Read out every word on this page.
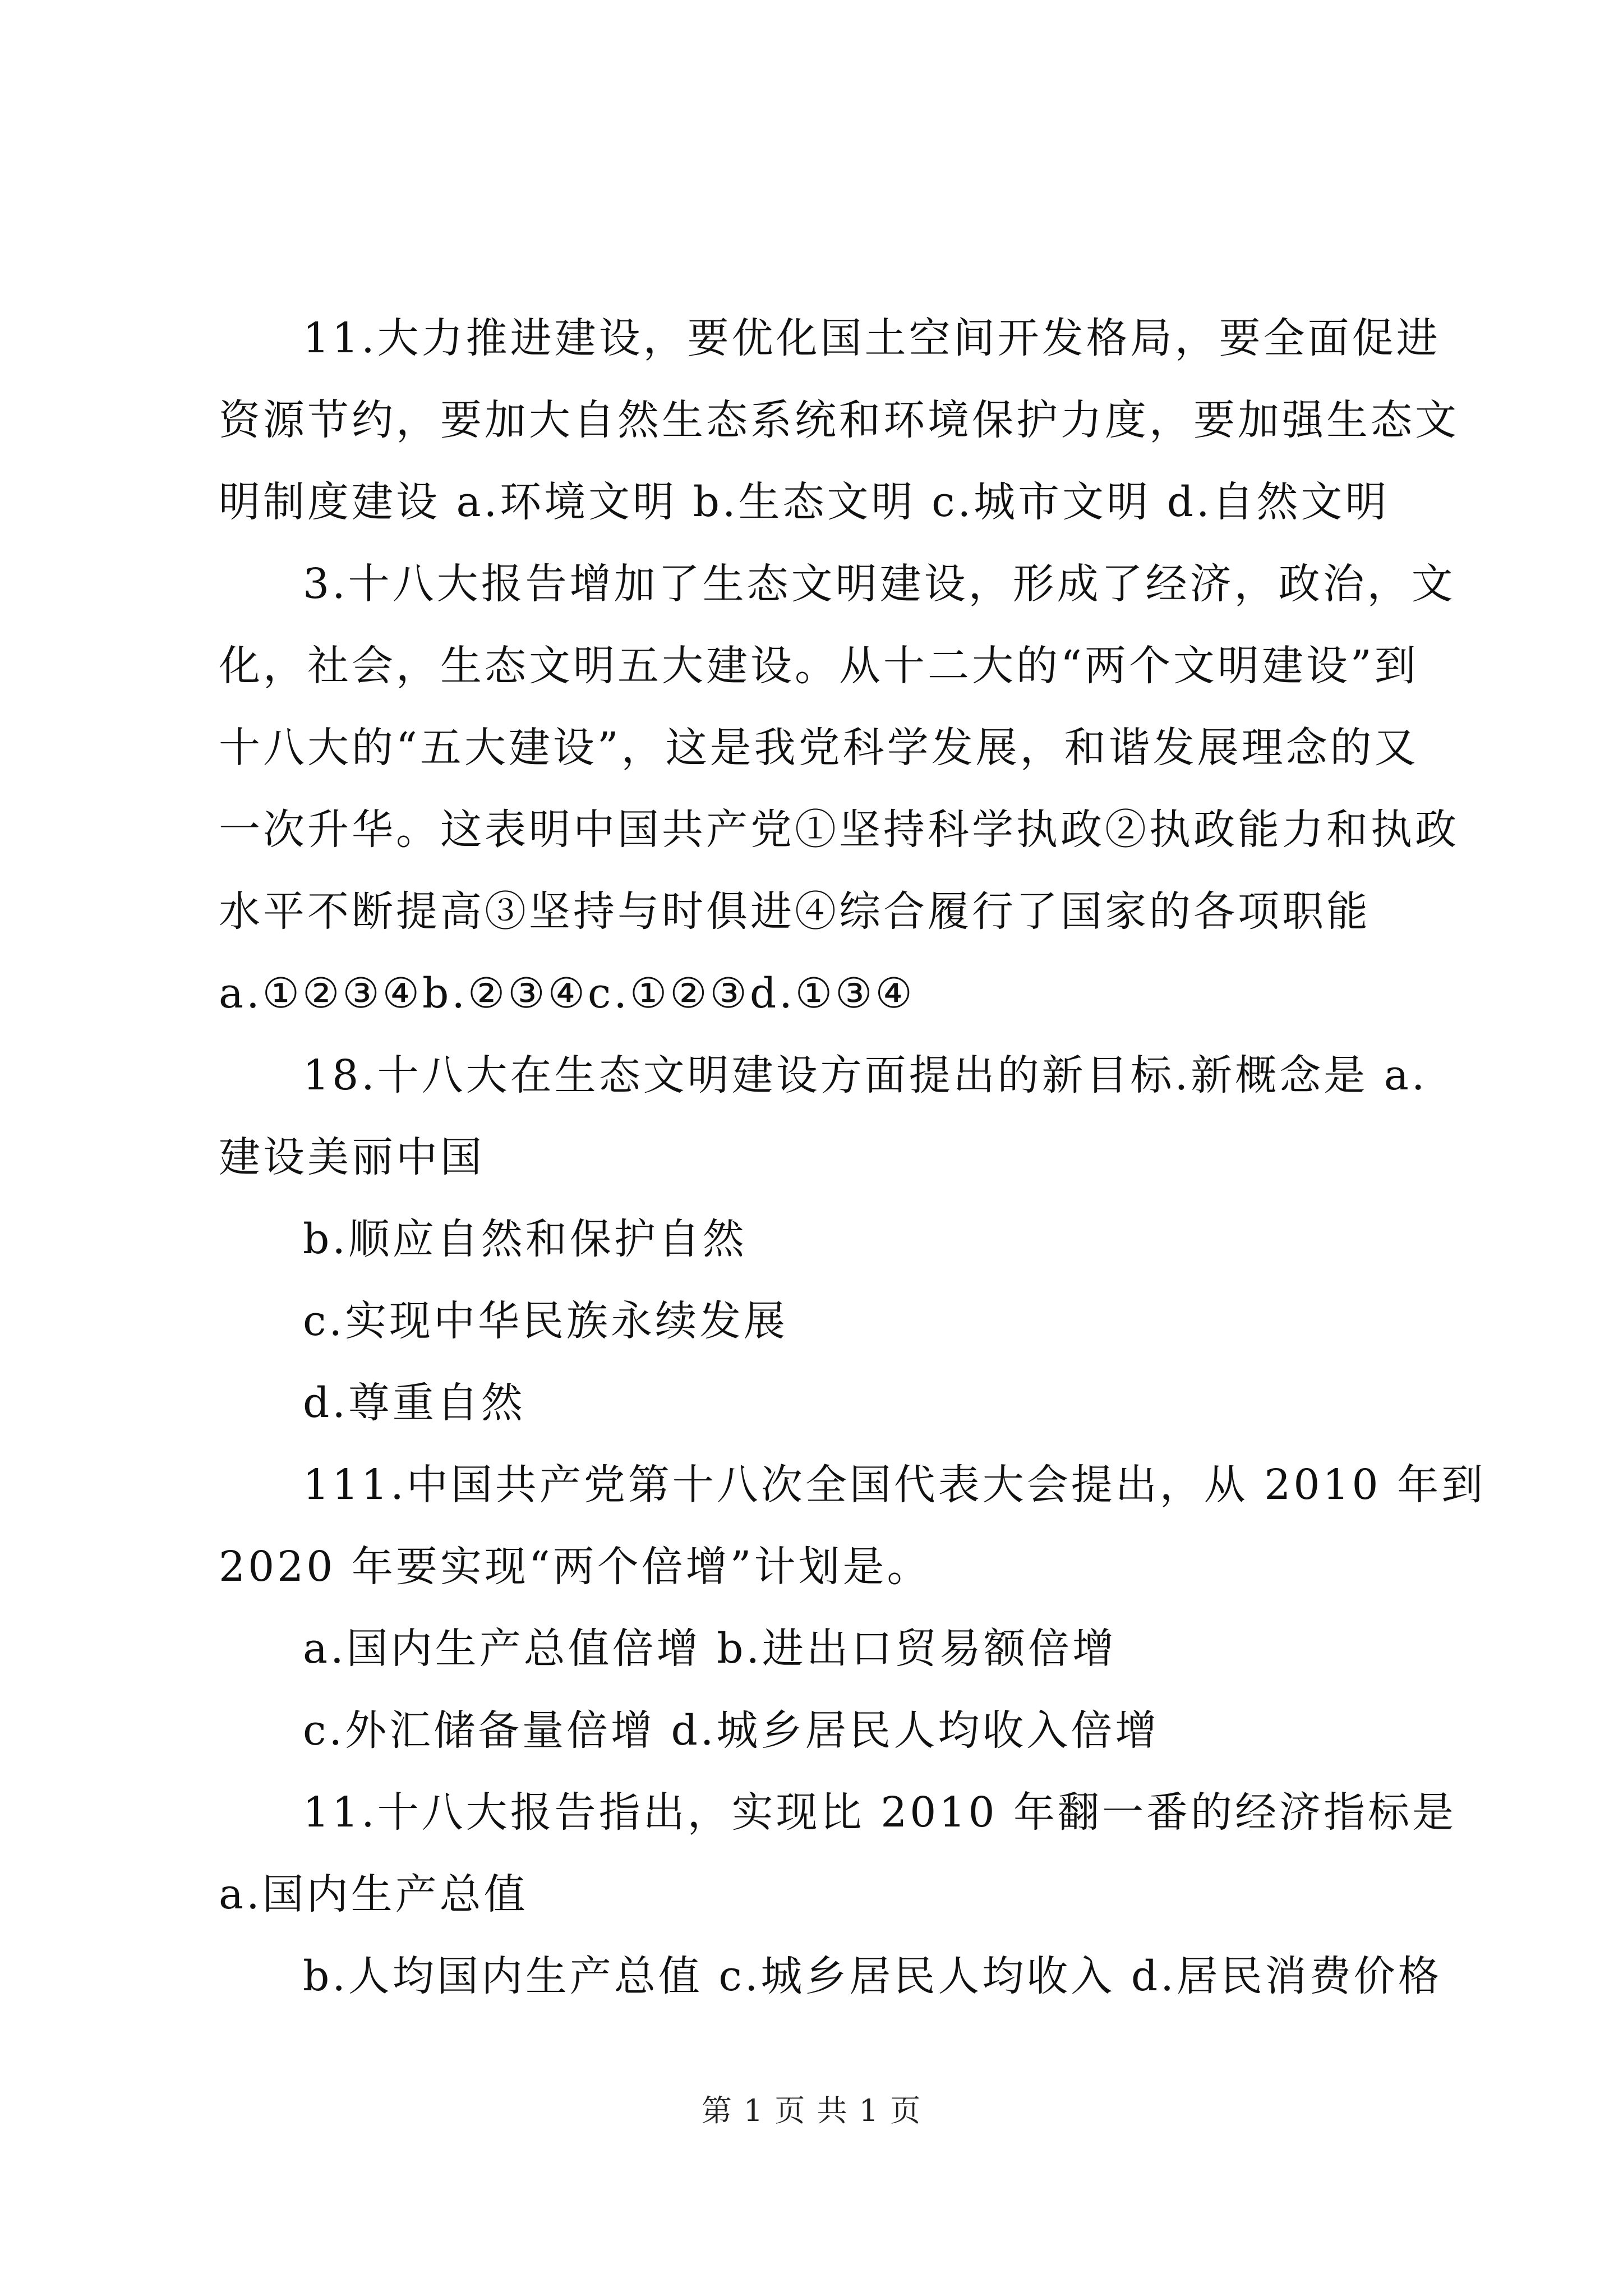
11.大力推进建设，要优化国土空间开发格局，要全面促进

资源节约，要加大自然生态系统和环境保护力度，要加强生态文

明制度建设 a.环境文明 b.生态文明 c.城市文明 d.自然文明

3.十八大报告增加了生态文明建设，形成了经济，政治，文

化，社会，生态文明五大建设。从十二大的“两个文明建设”到

十八大的“五大建设”，这是我党科学发展，和谐发展理念的又

一次升华。这表明中国共产党①坚持科学执政②执政能力和执政

水平不断提高③坚持与时俱进④综合履行了国家的各项职能

a.①②③④b.②③④c.①②③d.①③④

18.十八大在生态文明建设方面提出的新目标.新概念是 a.

建设美丽中国

b.顺应自然和保护自然

c.实现中华民族永续发展

d.尊重自然

111.中国共产党第十八次全国代表大会提出，从 2010 年到

2020 年要实现“两个倍增”计划是。

a.国内生产总值倍增 b.进出口贸易额倍增

c.外汇储备量倍增 d.城乡居民人均收入倍增

11.十八大报告指出，实现比 2010 年翻一番的经济指标是

a.国内生产总值

b.人均国内生产总值 c.城乡居民人均收入 d.居民消费价格

第 1 页 共 1 页
